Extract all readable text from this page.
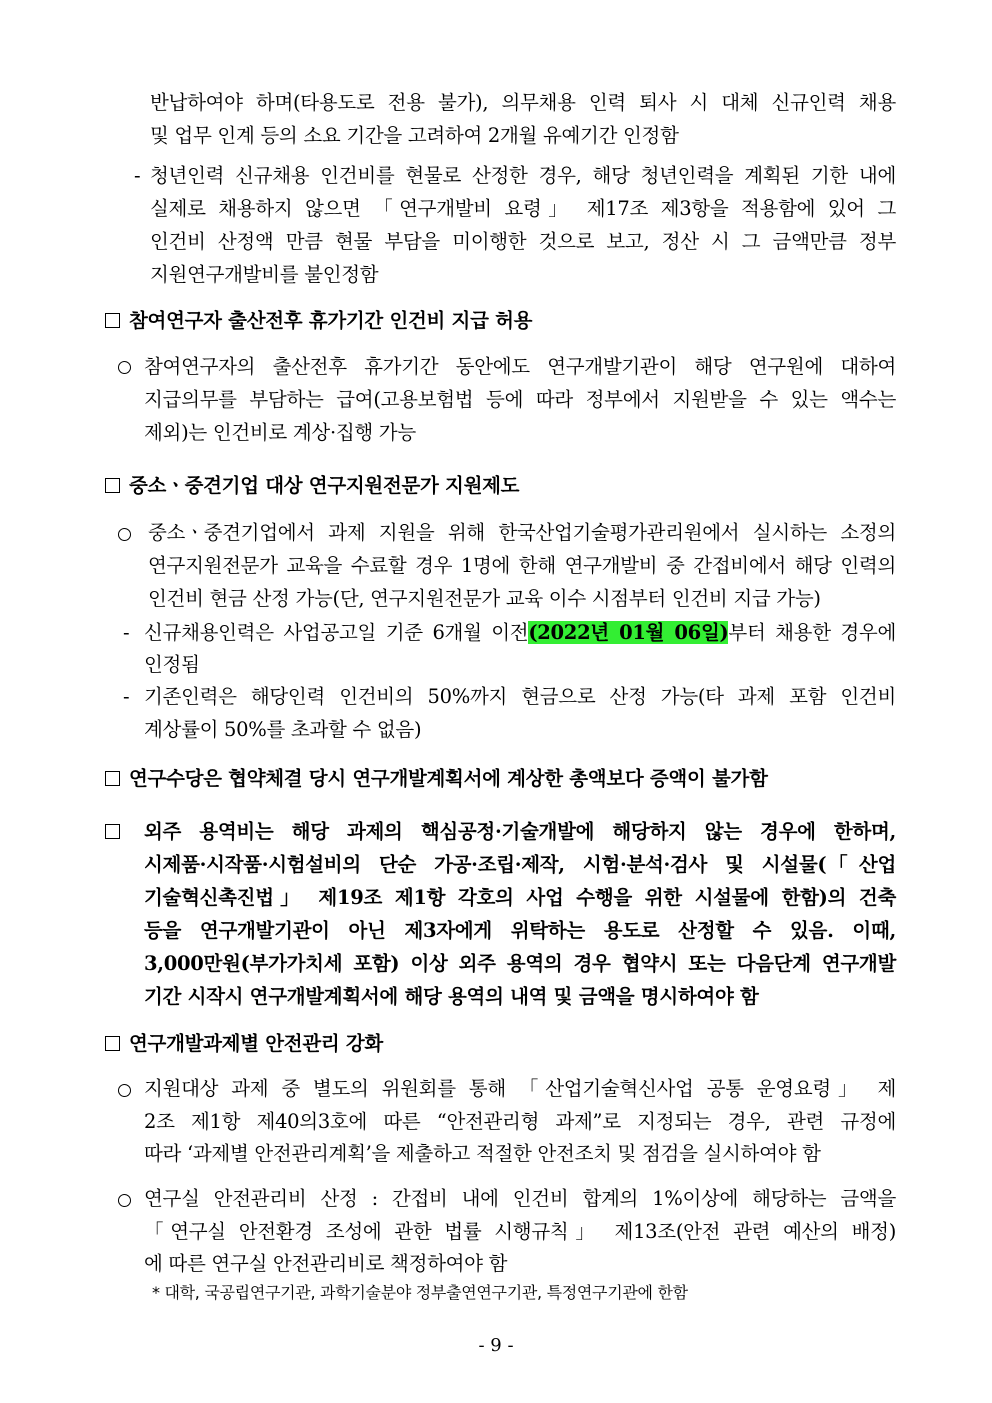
반납하여야 하며(타용도로 전용 불가), 의무채용 인력 퇴사 시 대체 신규인력 채용
및 업무 인계 등의 소요 기간을 고려하여 2개월 유예기간 인정함
- 청년인력 신규채용 인건비를 현물로 산정한 경우, 해당 청년인력을 계획된 기한 내에
실제로 채용하지 않으면 「연구개발비 요령」 제17조 제3항을 적용함에 있어 그
인건비 산정액 만큼 현물 부담을 미이행한 것으로 보고, 정산 시 그 금액만큼 정부
지원연구개발비를 불인정함
참여연구자 출산전후 휴가기간 인건비 지급 허용
참여연구자의 출산전후 휴가기간 동안에도 연구개발기관이 해당 연구원에 대하여
지급의무를 부담하는 급여(고용보험법 등에 따라 정부에서 지원받을 수 있는 액수는
제외)는 인건비로 계상·집행 가능
중소ㆍ중견기업 대상 연구지원전문가 지원제도
중소ㆍ중견기업에서 과제 지원을 위해 한국산업기술평가관리원에서 실시하는 소정의
연구지원전문가 교육을 수료할 경우 1명에 한해 연구개발비 중 간접비에서 해당 인력의
인건비 현금 산정 가능(단, 연구지원전문가 교육 이수 시점부터 인건비 지급 가능)
- 신규채용인력은 사업공고일 기준 6개월 이전(2022년 01월 06일)부터 채용한 경우에
인정됨
- 기존인력은 해당인력 인건비의 50%까지 현금으로 산정 가능(타 과제 포함 인건비
계상률이 50%를 초과할 수 없음)
연구수당은 협약체결 당시 연구개발계획서에 계상한 총액보다 증액이 불가함
외주 용역비는 해당 과제의 핵심공정·기술개발에 해당하지 않는 경우에 한하며,
시제품·시작품·시험설비의 단순 가공·조립·제작, 시험·분석·검사 및 시설물(「산업
기술혁신촉진법」 제19조 제1항 각호의 사업 수행을 위한 시설물에 한함)의 건축
등을 연구개발기관이 아닌 제3자에게 위탁하는 용도로 산정할 수 있음. 이때,
3,000만원(부가가치세 포함) 이상 외주 용역의 경우 협약시 또는 다음단계 연구개발
기간 시작시 연구개발계획서에 해당 용역의 내역 및 금액을 명시하여야 함
연구개발과제별 안전관리 강화
지원대상 과제 중 별도의 위원회를 통해 「산업기술혁신사업 공통 운영요령」 제
2조 제1항 제40의3호에 따른 “안전관리형 과제”로 지정되는 경우, 관련 규정에
따라 ‘과제별 안전관리계획’을 제출하고 적절한 안전조치 및 점검을 실시하여야 함
연구실 안전관리비 산정 : 간접비 내에 인건비 합계의 1%이상에 해당하는 금액을
「연구실 안전환경 조성에 관한 법률 시행규칙」 제13조(안전 관련 예산의 배정)
에 따른 연구실 안전관리비로 책정하여야 함
* 대학, 국공립연구기관, 과학기술분야 정부출연연구기관, 특정연구기관에 한함
- 9 -
